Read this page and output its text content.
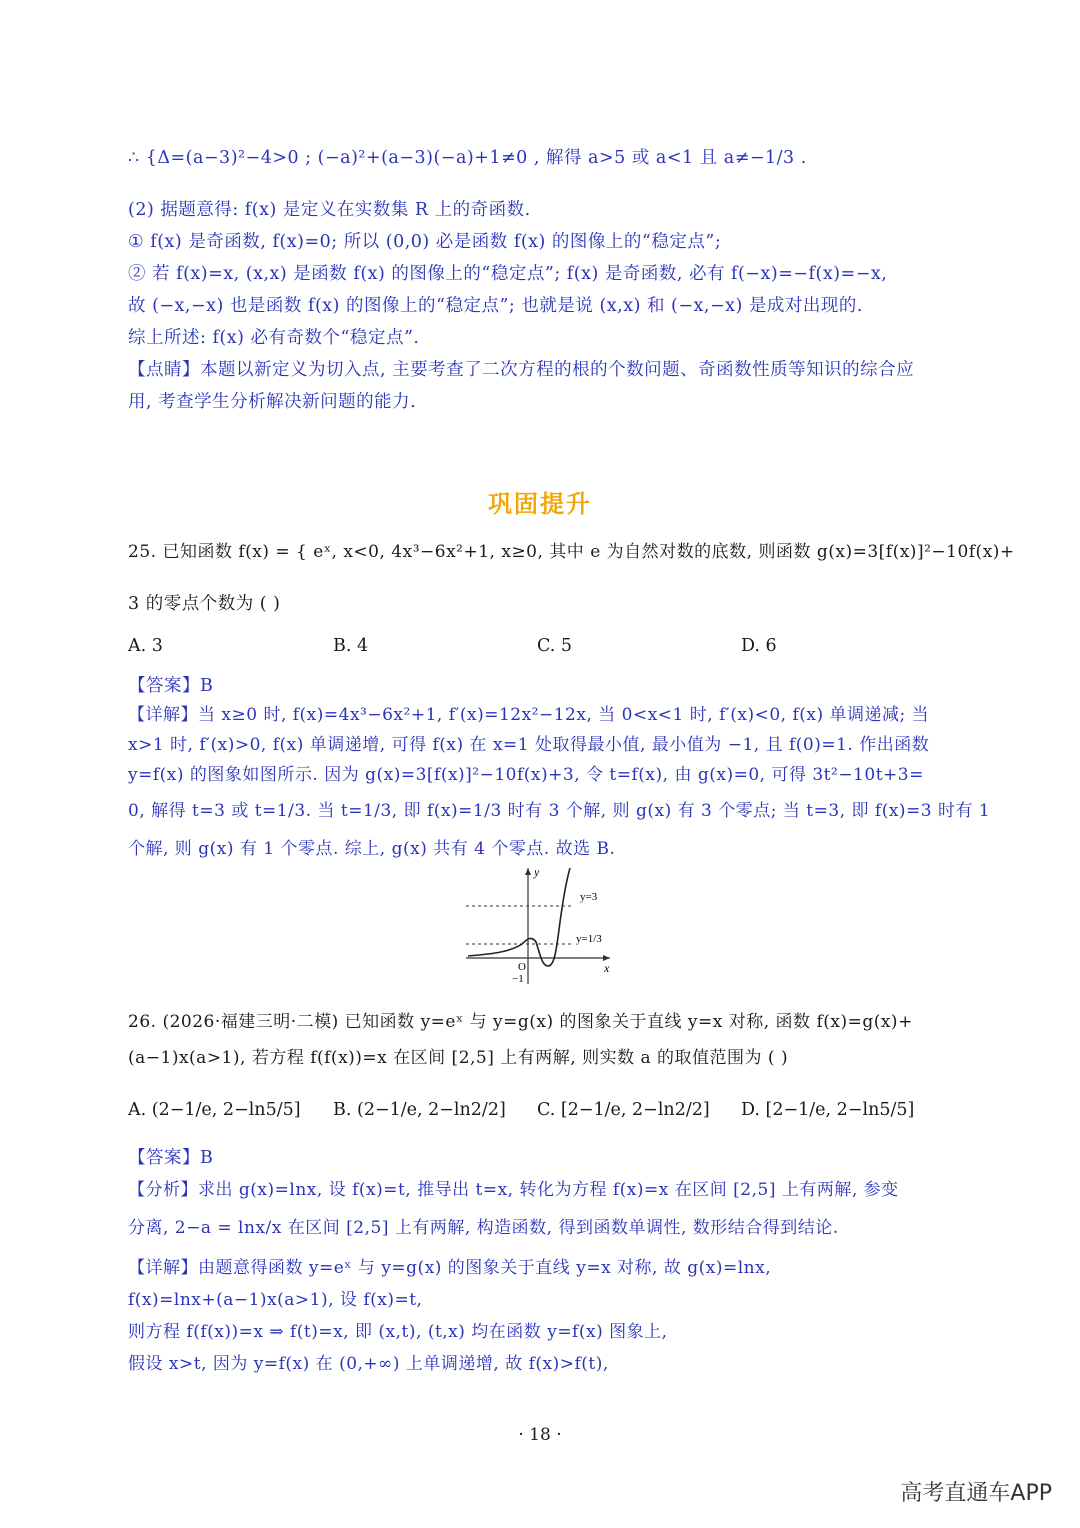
∴ {Δ=(a−3)²−4>0 ; (−a)²+(a−3)(−a)+1≠0 , 解得 a>5 或 a<1 且 a≠−1/3 .
(2) 据题意得: f(x) 是定义在实数集 R 上的奇函数.
① f(x) 是奇函数, f(x)=0; 所以 (0,0) 必是函数 f(x) 的图像上的“稳定点”;
② 若 f(x)=x, (x,x) 是函数 f(x) 的图像上的“稳定点”; f(x) 是奇函数, 必有 f(−x)=−f(x)=−x,
故 (−x,−x) 也是函数 f(x) 的图像上的“稳定点”; 也就是说 (x,x) 和 (−x,−x) 是成对出现的.
综上所述: f(x) 必有奇数个“稳定点”.
【点睛】本题以新定义为切入点, 主要考查了二次方程的根的个数问题、奇函数性质等知识的综合应
用, 考查学生分析解决新问题的能力.
巩固提升
25. 已知函数 f(x) = { eˣ, x<0, 4x³−6x²+1, x≥0, 其中 e 为自然对数的底数, 则函数 g(x)=3[f(x)]²−10f(x)+
3 的零点个数为 ( )
A. 3	B. 4	C. 5	D. 6
【答案】B
【详解】当 x≥0 时, f(x)=4x³−6x²+1, f′(x)=12x²−12x, 当 0<x<1 时, f′(x)<0, f(x) 单调递减; 当
x>1 时, f′(x)>0, f(x) 单调递增, 可得 f(x) 在 x=1 处取得最小值, 最小值为 −1, 且 f(0)=1. 作出函数
y=f(x) 的图象如图所示. 因为 g(x)=3[f(x)]²−10f(x)+3, 令 t=f(x), 由 g(x)=0, 可得 3t²−10t+3=
0, 解得 t=3 或 t=1/3. 当 t=1/3, 即 f(x)=1/3 时有 3 个解, 则 g(x) 有 3 个零点; 当 t=3, 即 f(x)=3 时有 1
个解, 则 g(x) 有 1 个零点. 综上, g(x) 共有 4 个零点. 故选 B.
y
x
O
−1
y=3
y=1/3
26. (2026·福建三明·二模) 已知函数 y=eˣ 与 y=g(x) 的图象关于直线 y=x 对称, 函数 f(x)=g(x)+
(a−1)x(a>1), 若方程 f(f(x))=x 在区间 [2,5] 上有两解, 则实数 a 的取值范围为 ( )
A. (2−1/e, 2−ln5/5] B. (2−1/e, 2−ln2/2] C. [2−1/e, 2−ln2/2] D. [2−1/e, 2−ln5/5]
【答案】B
【分析】求出 g(x)=lnx, 设 f(x)=t, 推导出 t=x, 转化为方程 f(x)=x 在区间 [2,5] 上有两解, 参变
分离, 2−a = lnx/x 在区间 [2,5] 上有两解, 构造函数, 得到函数单调性, 数形结合得到结论.
【详解】由题意得函数 y=eˣ 与 y=g(x) 的图象关于直线 y=x 对称, 故 g(x)=lnx,
f(x)=lnx+(a−1)x(a>1), 设 f(x)=t,
则方程 f(f(x))=x ⇒ f(t)=x, 即 (x,t), (t,x) 均在函数 y=f(x) 图象上,
假设 x>t, 因为 y=f(x) 在 (0,+∞) 上单调递增, 故 f(x)>f(t),
· 18 ·
高考直通车APP
